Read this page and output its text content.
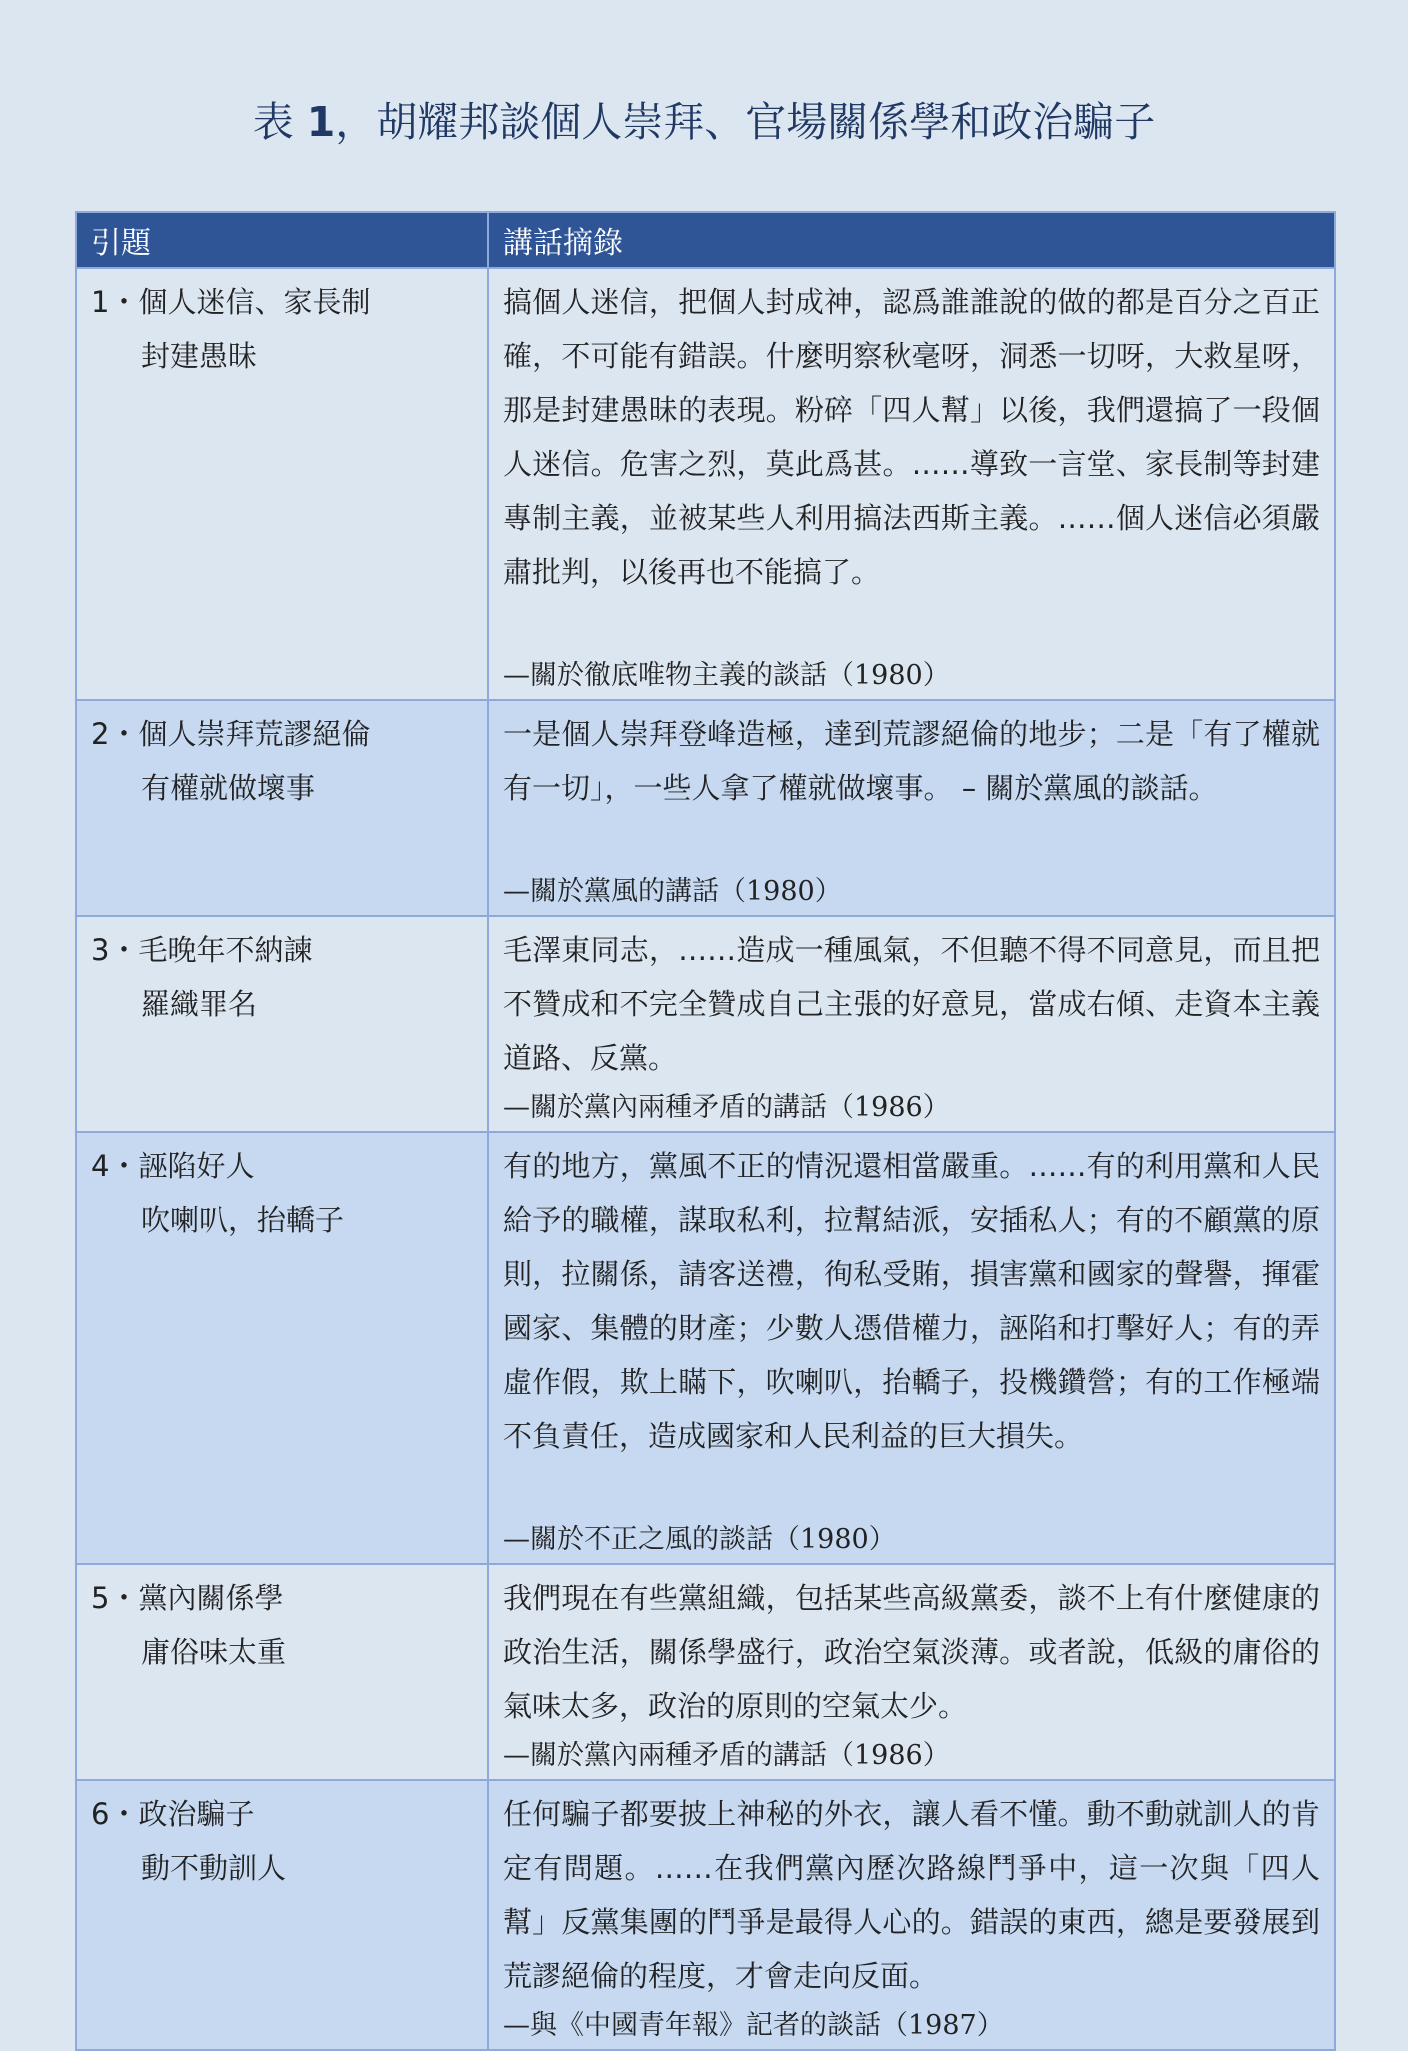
表 1，胡耀邦談個人崇拜、官場關係學和政治騙子
引題	講話摘錄

1・個人迷信、家長制
封建愚昧	搞個人迷信，把個人封成神，認爲誰誰說的做的都是百分之百正確，不可能有錯誤。什麼明察秋毫呀，洞悉一切呀，大救星呀，那是封建愚昧的表現。粉碎「四人幫」以後，我們還搞了一段個人迷信。危害之烈，莫此爲甚。……導致一言堂、家長制等封建專制主義，並被某些人利用搞法西斯主義。……個人迷信必須嚴肅批判，以後再也不能搞了。
—關於徹底唯物主義的談話（1980）

2・個人崇拜荒謬絕倫
有權就做壞事	一是個人崇拜登峰造極，達到荒謬絕倫的地步；二是「有了權就有一切」，一些人拿了權就做壞事。 – 關於黨風的談話。
—關於黨風的講話（1980）

3・毛晚年不納諫
羅織罪名	毛澤東同志，……造成一種風氣，不但聽不得不同意見，而且把不贊成和不完全贊成自己主張的好意見，當成右傾、走資本主義道路、反黨。
—關於黨內兩種矛盾的講話（1986）

4・誣陷好人
吹喇叭，抬轎子	有的地方，黨風不正的情況還相當嚴重。……有的利用黨和人民給予的職權，謀取私利，拉幫結派，安插私人；有的不顧黨的原則，拉關係，請客送禮，徇私受賄，損害黨和國家的聲譽，揮霍國家、集體的財產；少數人憑借權力，誣陷和打擊好人；有的弄虛作假，欺上瞞下，吹喇叭，抬轎子，投機鑽營；有的工作極端不負責任，造成國家和人民利益的巨大損失。
—關於不正之風的談話（1980）

5・黨內關係學
庸俗味太重	我們現在有些黨組織，包括某些高級黨委，談不上有什麼健康的政治生活，關係學盛行，政治空氣淡薄。或者說，低級的庸俗的氣味太多，政治的原則的空氣太少。
—關於黨內兩種矛盾的講話（1986）

6・政治騙子
動不動訓人	任何騙子都要披上神秘的外衣，讓人看不懂。動不動就訓人的肯定有問題。……在我們黨內歷次路線鬥爭中，這一次與「四人幫」反黨集團的鬥爭是最得人心的。錯誤的東西，總是要發展到荒謬絕倫的程度，才會走向反面。
—與《中國青年報》記者的談話（1987）
